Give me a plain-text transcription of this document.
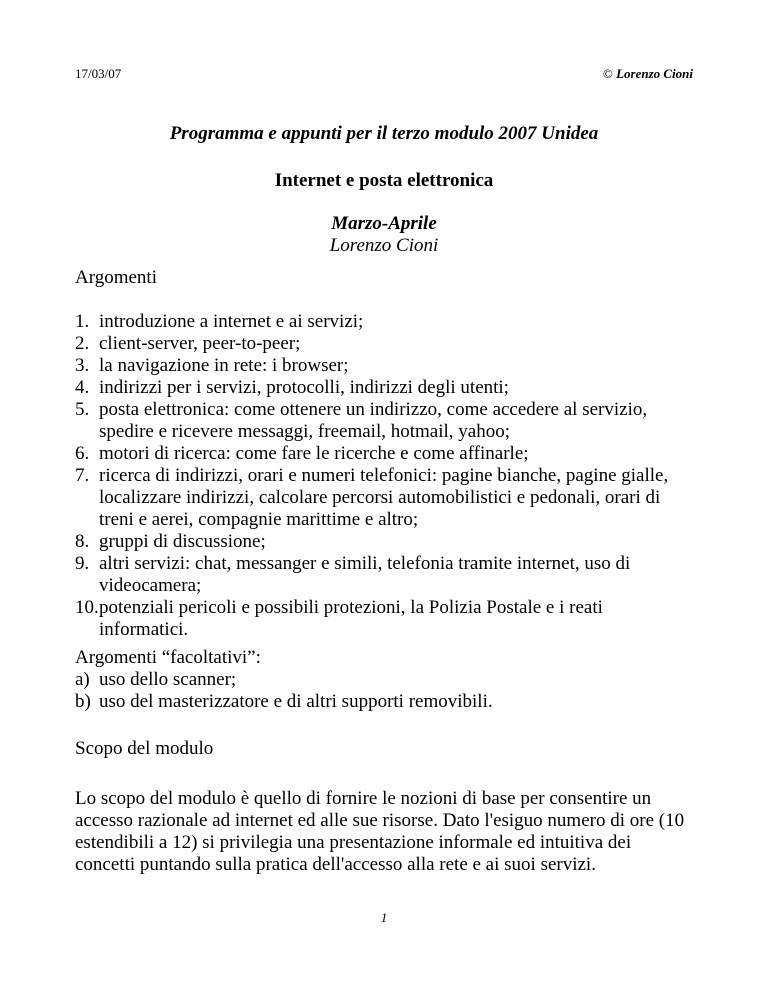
17/03/07	© Lorenzo Cioni
Programma e appunti per il terzo modulo 2007 Unidea
Internet e posta elettronica
Marzo-Aprile
Lorenzo Cioni
Argomenti
1. introduzione a internet e ai servizi;
2. client-server, peer-to-peer;
3. la navigazione in rete: i browser;
4. indirizzi per i servizi, protocolli, indirizzi degli utenti;
5. posta elettronica: come ottenere un indirizzo, come accedere al servizio, spedire e ricevere messaggi, freemail, hotmail, yahoo;
6. motori di ricerca: come fare le ricerche e come affinarle;
7. ricerca di indirizzi, orari e numeri telefonici: pagine bianche, pagine gialle, localizzare indirizzi, calcolare percorsi automobilistici e pedonali, orari di treni e aerei, compagnie marittime e altro;
8. gruppi di discussione;
9. altri servizi: chat, messanger e simili, telefonia tramite internet, uso di videocamera;
10. potenziali pericoli e possibili protezioni, la Polizia Postale e i reati informatici.
Argomenti “facoltativi”:
a) uso dello scanner;
b) uso del masterizzatore e di altri supporti removibili.
Scopo del modulo

Lo scopo del modulo è quello di fornire le nozioni di base per consentire un accesso razionale ad internet ed alle sue risorse. Dato l'esiguo numero di ore (10 estendibili a 12) si privilegia una presentazione informale ed intuitiva dei concetti puntando sulla pratica dell'accesso alla rete e ai suoi servizi.

1
